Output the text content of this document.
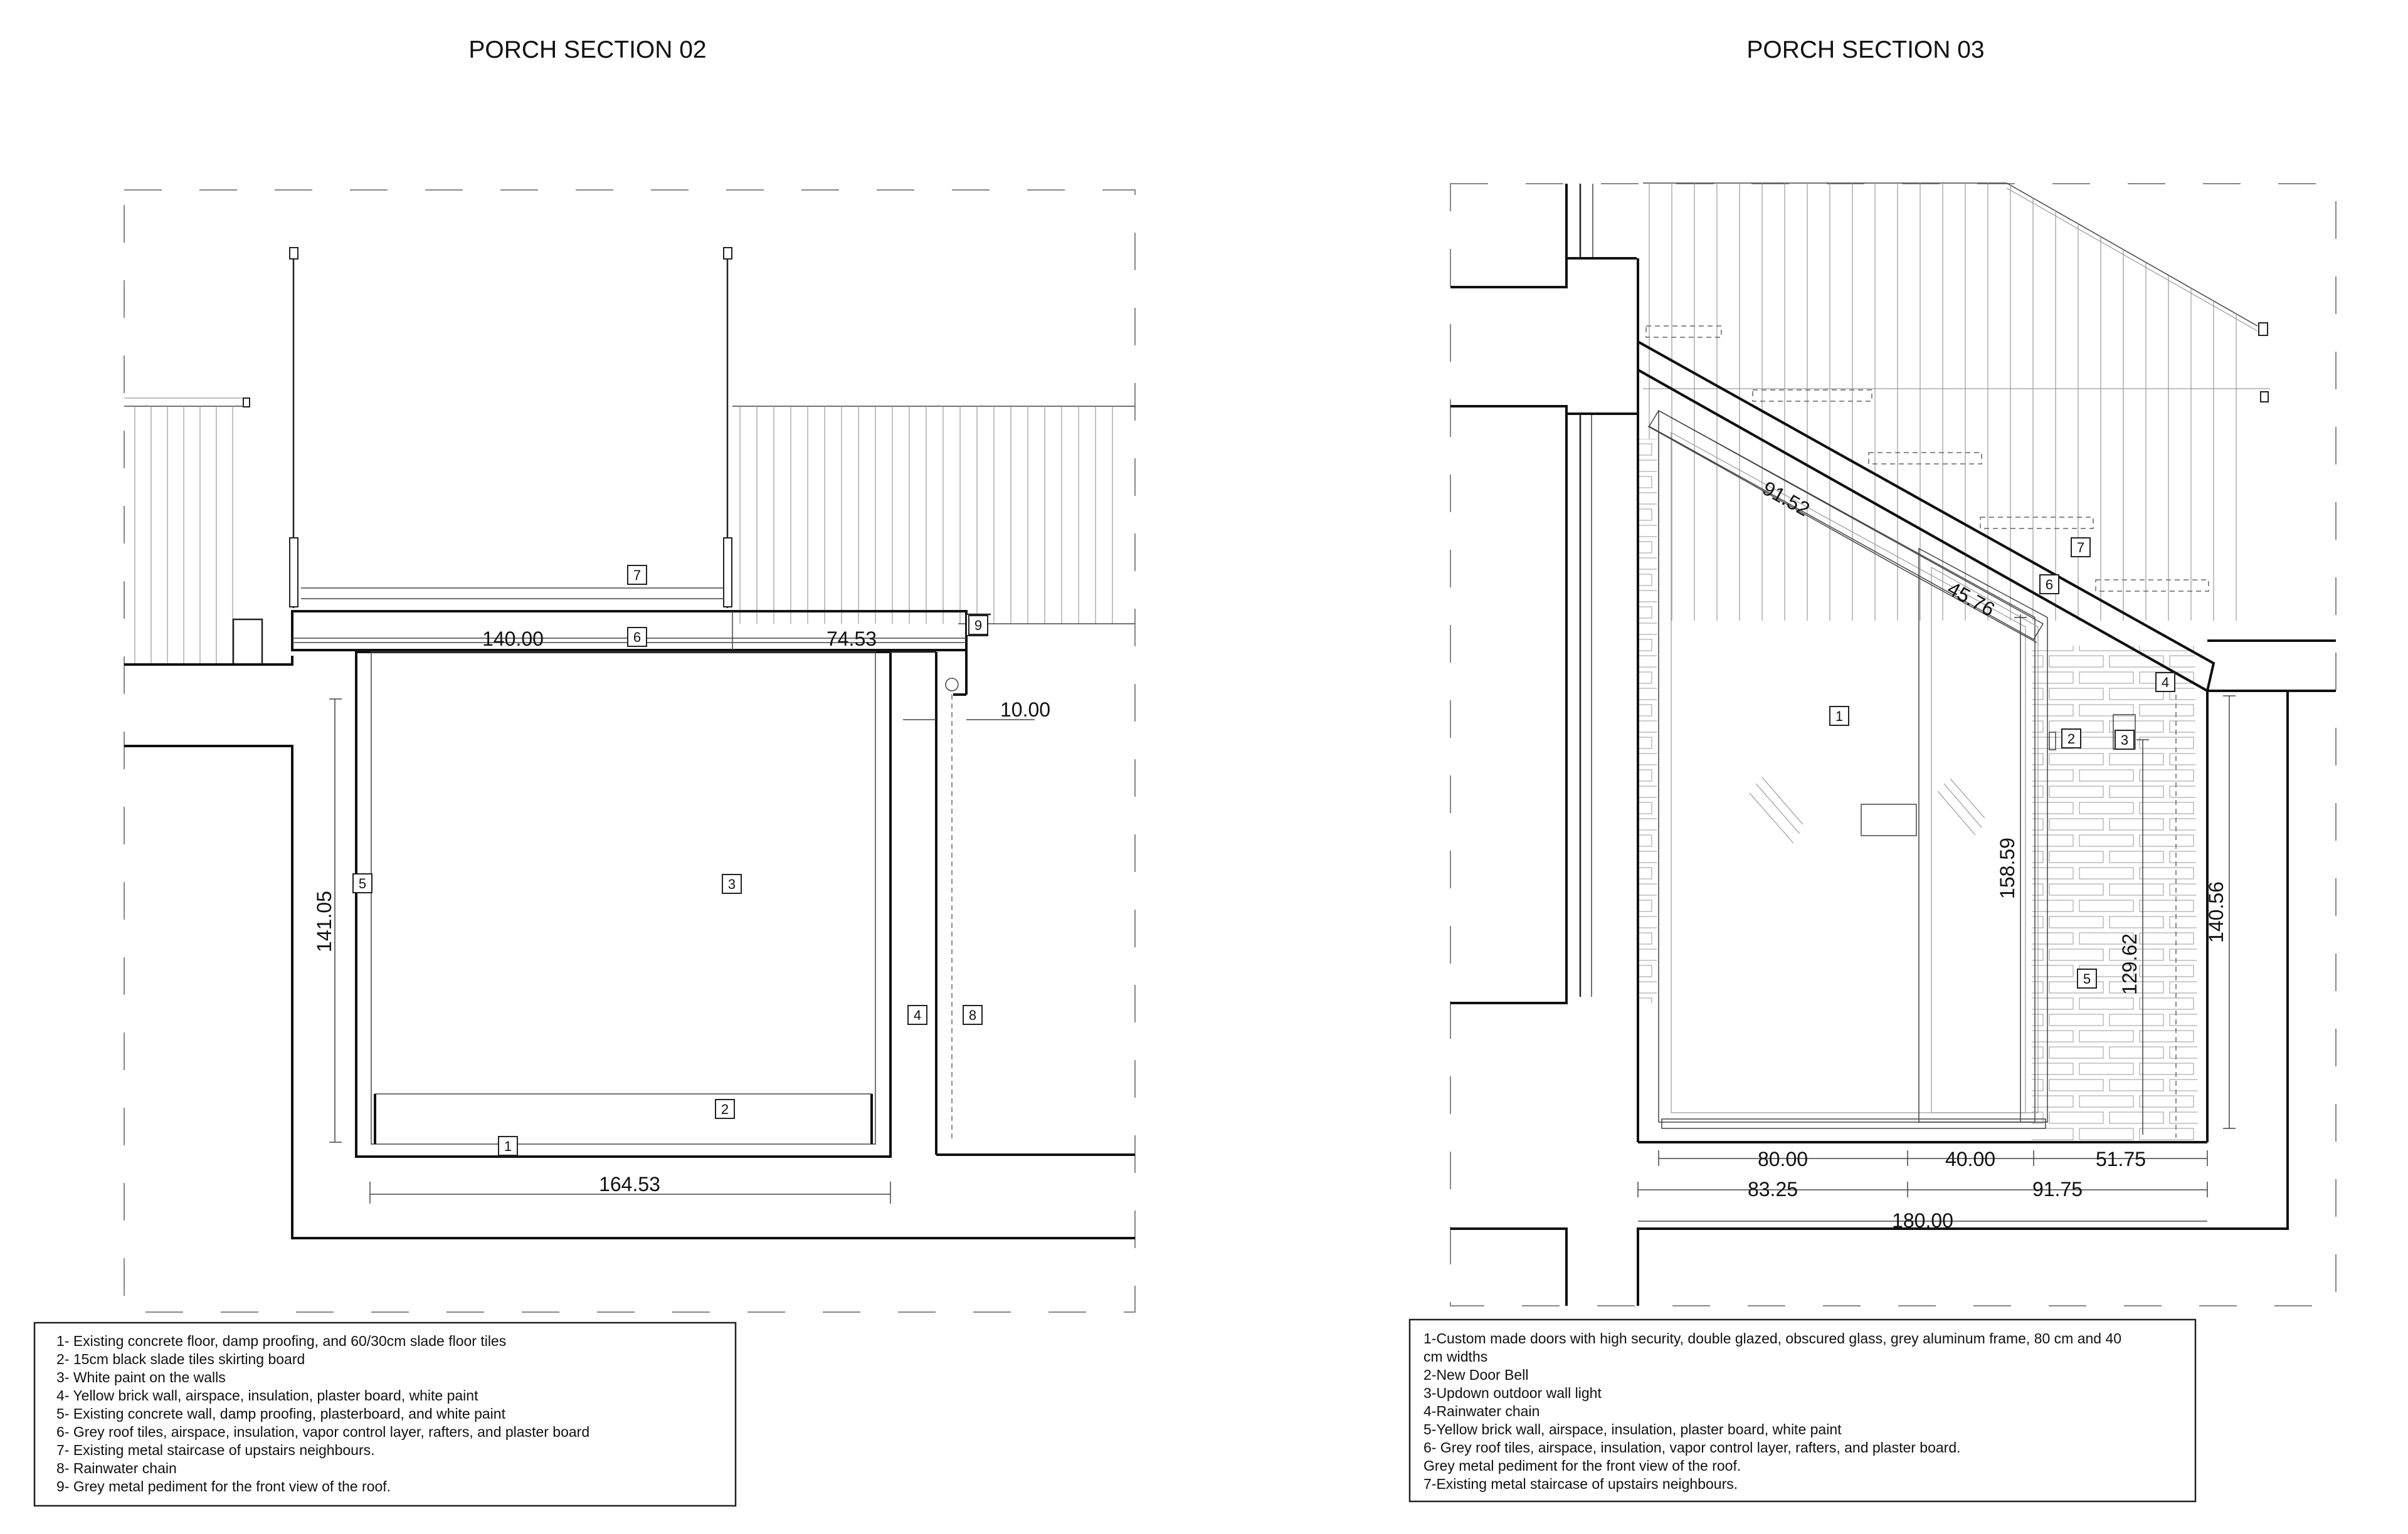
PORCH SECTION 02
140.00	74.53
10.00
141.05
164.53
1
2
3
4
5
6
7
8
9
1- Existing concrete floor, damp proofing, and 60/30cm slade floor tiles
2- 15cm black slade tiles skirting board
3- White paint on the walls
4- Yellow brick wall, airspace, insulation, plaster board, white paint
5- Existing concrete wall, damp proofing, plasterboard, and white paint
6- Grey roof tiles, airspace, insulation, vapor control layer, rafters, and plaster board
7- Existing metal staircase of upstairs neighbours.
8- Rainwater chain
9- Grey metal pediment for the front view of the roof.
PORCH SECTION 03
91.52
45.76
158.59
129.62
140.56
80.00	40.00	51.75
83.25	91.75
180.00
1
2	3
4
5
6
7
1-Custom made doors with high security, double glazed, obscured glass, grey aluminum frame, 80 cm and 40
cm widths
2-New Door Bell
3-Updown outdoor wall light
4-Rainwater chain
5-Yellow brick wall, airspace, insulation, plaster board, white paint
6- Grey roof tiles, airspace, insulation, vapor control layer, rafters, and plaster board.
Grey metal pediment for the front view of the roof.
7-Existing metal staircase of upstairs neighbours.
